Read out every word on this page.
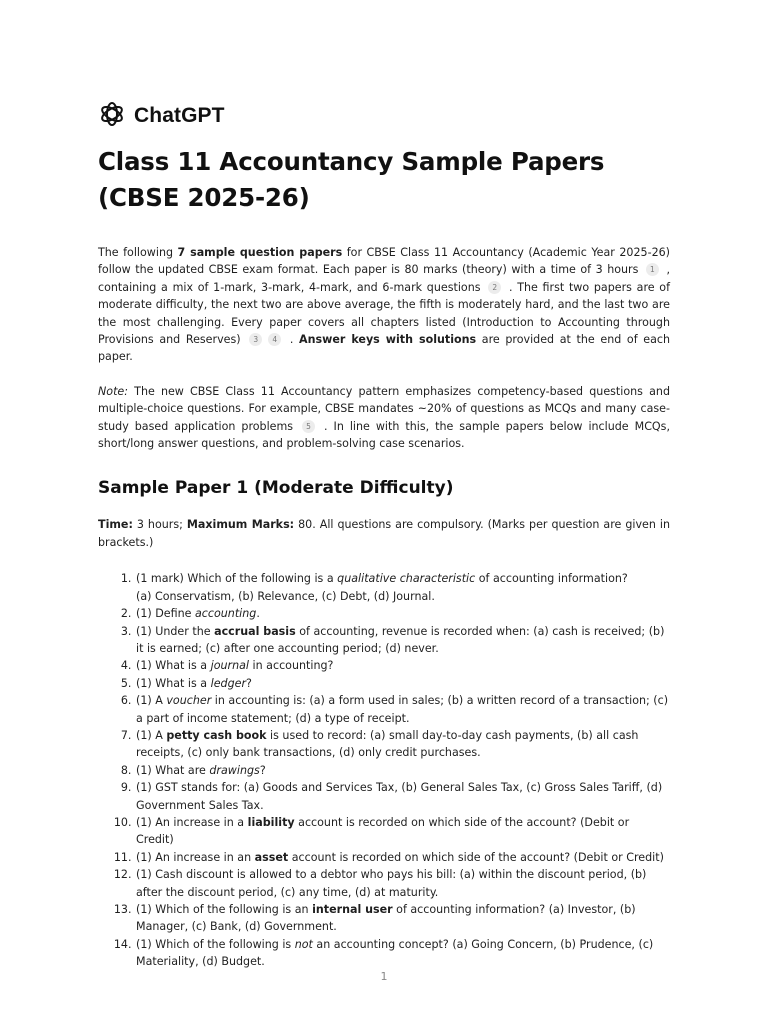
ChatGPT
Class 11 Accountancy Sample Papers (CBSE 2025-26)

The following 7 sample question papers for CBSE Class 11 Accountancy (Academic Year 2025-26) follow the updated CBSE exam format. Each paper is 80 marks (theory) with a time of 3 hours 1 , containing a mix of 1-mark, 3-mark, 4-mark, and 6-mark questions 2 . The first two papers are of moderate difficulty, the next two are above average, the fifth is moderately hard, and the last two are the most challenging. Every paper covers all chapters listed (Introduction to Accounting through Provisions and Reserves) 3 4 . Answer keys with solutions are provided at the end of each paper.

Note: The new CBSE Class 11 Accountancy pattern emphasizes competency-based questions and multiple-choice questions. For example, CBSE mandates ~20% of questions as MCQs and many case-study based application problems 5 . In line with this, the sample papers below include MCQs, short/long answer questions, and problem-solving case scenarios.

Sample Paper 1 (Moderate Difficulty)

Time: 3 hours; Maximum Marks: 80. All questions are compulsory. (Marks per question are given in brackets.)

1. (1 mark) Which of the following is a qualitative characteristic of accounting information?
(a) Conservatism, (b) Relevance, (c) Debt, (d) Journal.
2. (1) Define accounting.
3. (1) Under the accrual basis of accounting, revenue is recorded when: (a) cash is received; (b) it is earned; (c) after one accounting period; (d) never.
4. (1) What is a journal in accounting?
5. (1) What is a ledger?
6. (1) A voucher in accounting is: (a) a form used in sales; (b) a written record of a transaction; (c) a part of income statement; (d) a type of receipt.
7. (1) A petty cash book is used to record: (a) small day-to-day cash payments, (b) all cash receipts, (c) only bank transactions, (d) only credit purchases.
8. (1) What are drawings?
9. (1) GST stands for: (a) Goods and Services Tax, (b) General Sales Tax, (c) Gross Sales Tariff, (d) Government Sales Tax.
10. (1) An increase in a liability account is recorded on which side of the account? (Debit or Credit)
11. (1) An increase in an asset account is recorded on which side of the account? (Debit or Credit)
12. (1) Cash discount is allowed to a debtor who pays his bill: (a) within the discount period, (b) after the discount period, (c) any time, (d) at maturity.
13. (1) Which of the following is an internal user of accounting information? (a) Investor, (b) Manager, (c) Bank, (d) Government.
14. (1) Which of the following is not an accounting concept? (a) Going Concern, (b) Prudence, (c) Materiality, (d) Budget.
1
